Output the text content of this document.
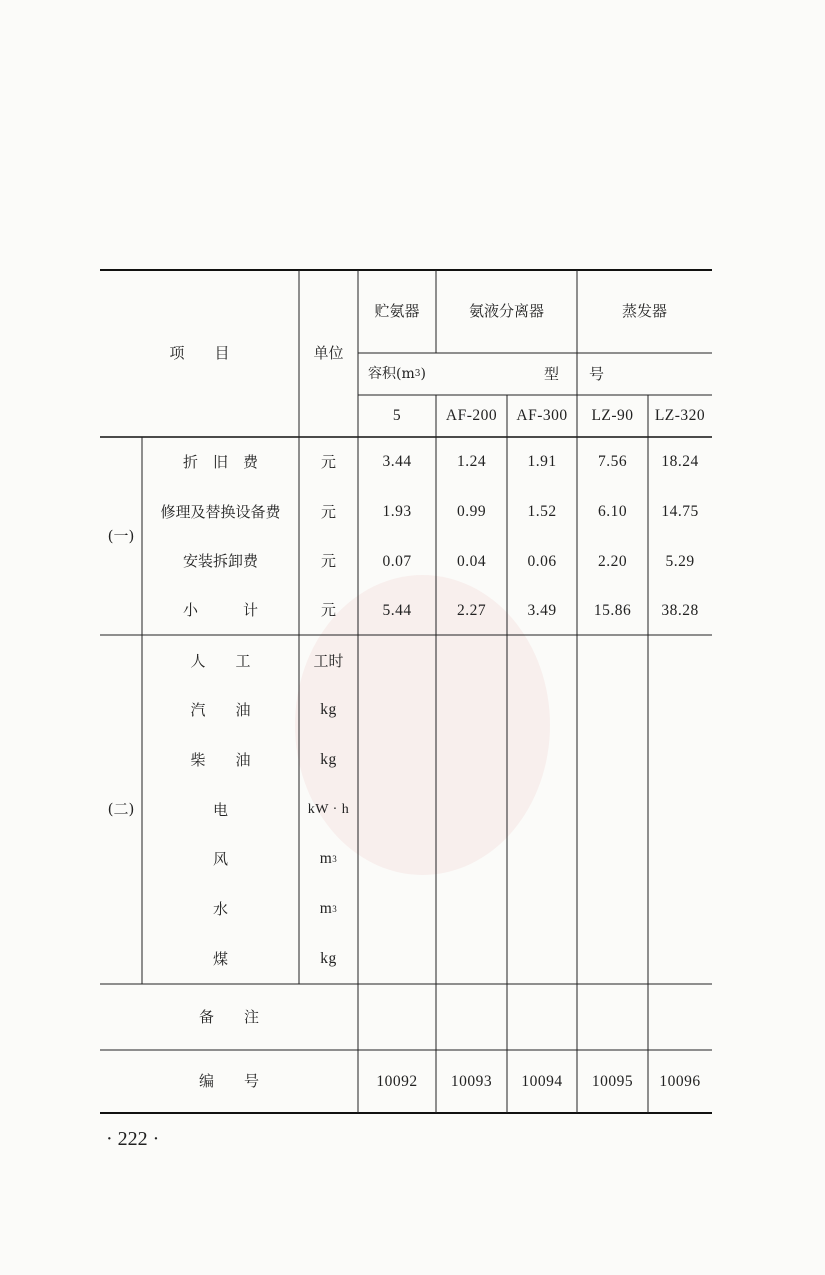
项　　目	单位
贮氨器	氨液分离器	蒸发器
容积(m 3 )	型　　号
5	AF-200	AF-300	LZ-90	LZ-320
(一)
折　旧　费	元	3.44	1.24	1.91	7.56	18.24
修理及替换设备费	元	1.93	0.99	1.52	6.10	14.75
安装拆卸费	元	0.07	0.04	0.06	2.20	5.29
小　　　计	元	5.44	2.27	3.49	15.86	38.28
(二)
人　　工	工时
汽　　油	kg
柴　　油	kg
电	kW · h
风	m 3
水	m 3
煤	kg
备　　注
编　　号	10092	10093	10094	10095	10096
· 222 ·
